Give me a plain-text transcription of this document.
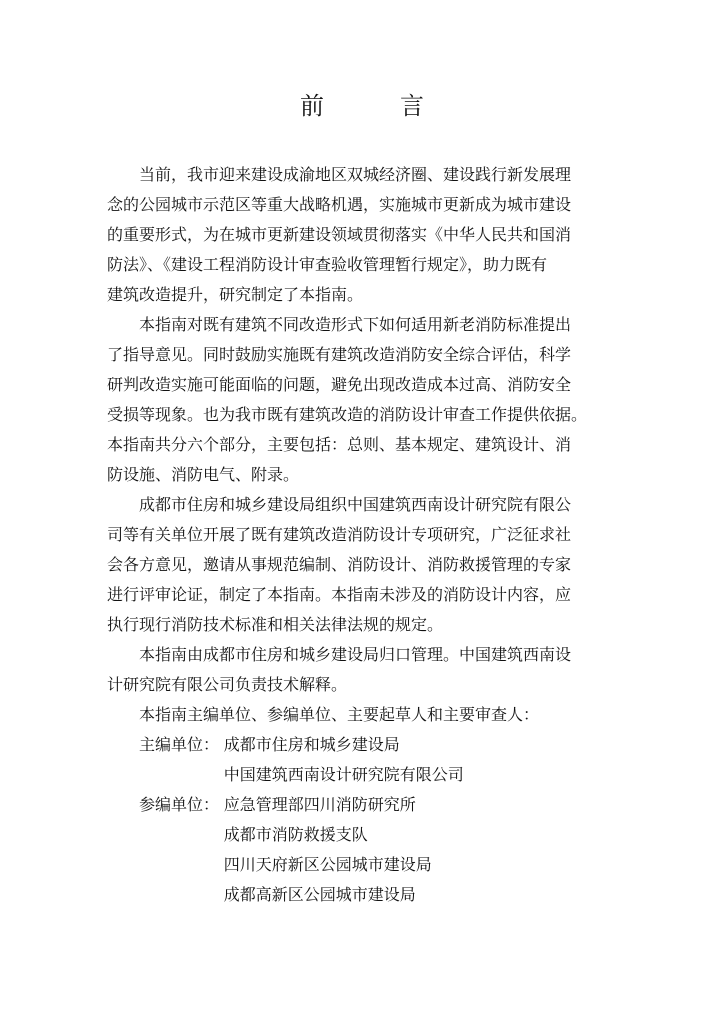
前　言

当前，我市迎来建设成渝地区双城经济圈、建设践行新发展理
念的公园城市示范区等重大战略机遇，实施城市更新成为城市建设
的重要形式，为在城市更新建设领域贯彻落实《中华人民共和国消
防法》、《建设工程消防设计审查验收管理暂行规定》，助力既有
建筑改造提升，研究制定了本指南。

本指南对既有建筑不同改造形式下如何适用新老消防标准提出
了指导意见。同时鼓励实施既有建筑改造消防安全综合评估，科学
研判改造实施可能面临的问题，避免出现改造成本过高、消防安全
受损等现象。也为我市既有建筑改造的消防设计审查工作提供依据。
本指南共分六个部分，主要包括：总则、基本规定、建筑设计、消
防设施、消防电气、附录。

成都市住房和城乡建设局组织中国建筑西南设计研究院有限公
司等有关单位开展了既有建筑改造消防设计专项研究，广泛征求社
会各方意见，邀请从事规范编制、消防设计、消防救援管理的专家
进行评审论证，制定了本指南。本指南未涉及的消防设计内容，应
执行现行消防技术标准和相关法律法规的规定。

本指南由成都市住房和城乡建设局归口管理。中国建筑西南设
计研究院有限公司负责技术解释。

本指南主编单位、参编单位、主要起草人和主要审查人：

主编单位： 成都市住房和城乡建设局

中国建筑西南设计研究院有限公司

参编单位： 应急管理部四川消防研究所

成都市消防救援支队

四川天府新区公园城市建设局

成都高新区公园城市建设局
